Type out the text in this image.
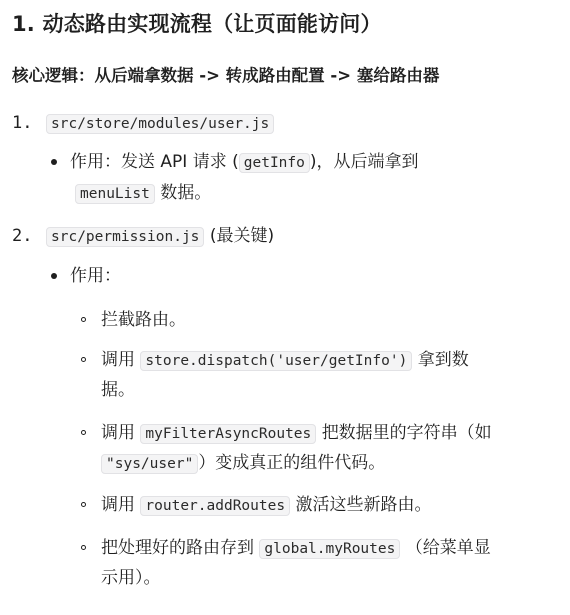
1. 动态路由实现流程（让页面能访问）
核心逻辑：从后端拿数据 -> 转成路由配置 -> 塞给路由器
1.	src/store/modules/user.js
作用：发送 API 请求 ( getInfo )，从后端拿到
menuList 数据。
2.	src/permission.js (最关键)
作用：
拦截路由。
调用 store.dispatch('user/getInfo') 拿到数
据。
调用 myFilterAsyncRoutes 把数据里的字符串（如
"sys/user" ）变成真正的组件代码。
调用 router.addRoutes 激活这些新路由。
把处理好的路由存到 global.myRoutes （给菜单显
示用）。
